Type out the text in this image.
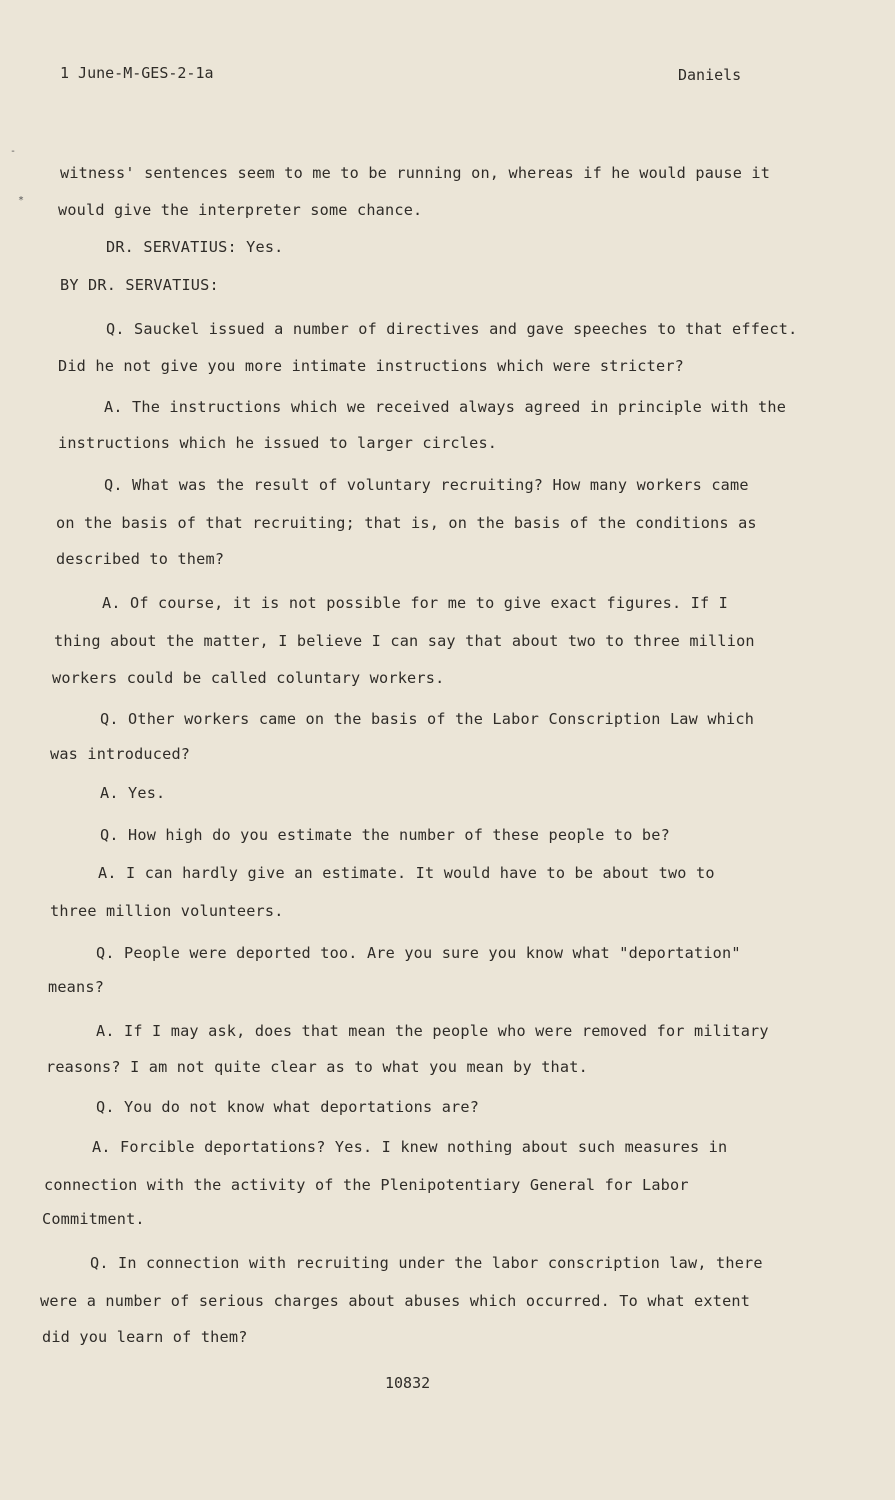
-
*
1 June-M-GES-2-1a	Daniels
witness' sentences seem to me to be running on, whereas if he would pause it
would give the interpreter some chance.
DR. SERVATIUS: Yes.
BY DR. SERVATIUS:
Q. Sauckel issued a number of directives and gave speeches to that effect.
Did he not give you more intimate instructions which were stricter?
A. The instructions which we received always agreed in principle with the
instructions which he issued to larger circles.
Q. What was the result of voluntary recruiting? How many workers came
on the basis of that recruiting; that is, on the basis of the conditions as
described to them?
A. Of course, it is not possible for me to give exact figures. If I
thing about the matter, I believe I can say that about two to three million
workers could be called coluntary workers.
Q. Other workers came on the basis of the Labor Conscription Law which
was introduced?
A. Yes.
Q. How high do you estimate the number of these people to be?
A. I can hardly give an estimate. It would have to be about two to
three million volunteers.
Q. People were deported too. Are you sure you know what "deportation"
means?
A. If I may ask, does that mean the people who were removed for military
reasons? I am not quite clear as to what you mean by that.
Q. You do not know what deportations are?
A. Forcible deportations? Yes. I knew nothing about such measures in
connection with the activity of the Plenipotentiary General for Labor
Commitment.
Q. In connection with recruiting under the labor conscription law, there
were a number of serious charges about abuses which occurred. To what extent
did you learn of them?
10832
